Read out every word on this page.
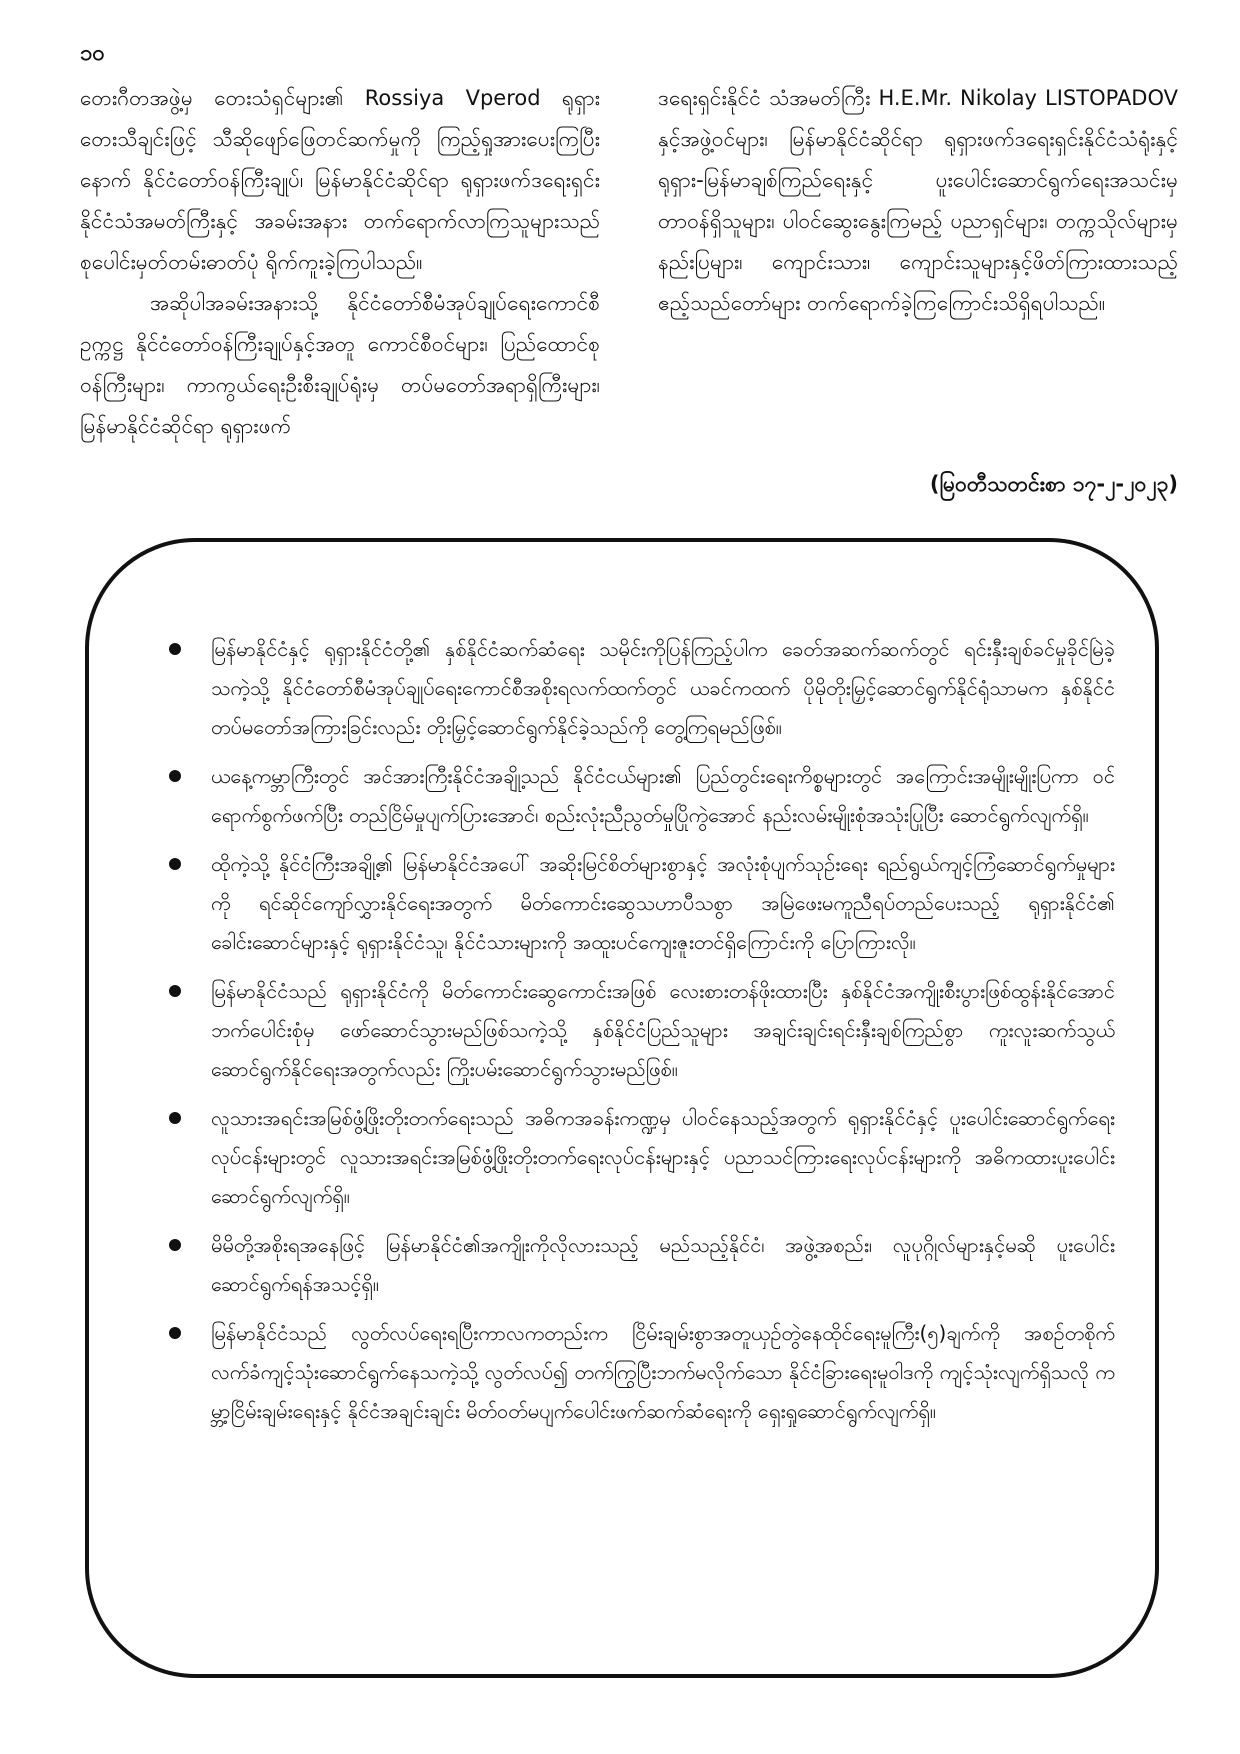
၁၀

တေးဂီတအဖွဲ့မှ တေးသံရှင်များ၏ Rossiya Vperod ရုရှားတေးသီချင်းဖြင့် သီဆိုဖျော်ဖြေတင်ဆက်မှုကို ကြည့်ရှုအားပေးကြပြီးနောက် နိုင်ငံတော်ဝန်ကြီးချုပ်၊ မြန်မာနိုင်ငံဆိုင်ရာ ရုရှားဖက်ဒရေးရှင်းနိုင်ငံသံအမတ်ကြီးနှင့် အခမ်းအနား တက်ရောက်လာကြသူများသည် စုပေါင်းမှတ်တမ်းဓာတ်ပုံ ရိုက်ကူးခဲ့ကြပါသည်။

အဆိုပါအခမ်းအနားသို့ နိုင်ငံတော်စီမံအုပ်ချုပ်ရေးကောင်စီဥက္ကဋ္ဌ နိုင်ငံတော်ဝန်ကြီးချုပ်နှင့်အတူ ကောင်စီဝင်များ၊ ပြည်ထောင်စုဝန်ကြီးများ၊ ကာကွယ်ရေးဦးစီးချုပ်ရုံးမှ တပ်မတော်အရာရှိကြီးများ၊ မြန်မာနိုင်ငံဆိုင်ရာ ရုရှားဖက်

ဒရေးရှင်းနိုင်ငံ သံအမတ်ကြီး H.E.Mr. Nikolay LISTOPADOV နှင့်အဖွဲ့ဝင်များ၊ မြန်မာနိုင်ငံဆိုင်ရာ ရုရှားဖက်ဒရေးရှင်းနိုင်ငံသံရုံးနှင့် ရုရှား-မြန်မာချစ်ကြည်ရေးနှင့် ပူးပေါင်းဆောင်ရွက်ရေးအသင်းမှ တာဝန်ရှိသူများ၊ ပါဝင်ဆွေးနွေးကြမည့် ပညာရှင်များ၊ တက္ကသိုလ်များမှ နည်းပြများ၊ ကျောင်းသား၊ ကျောင်းသူများနှင့်ဖိတ်ကြားထားသည့် ဧည့်သည်တော်များ တက်ရောက်ခဲ့ကြကြောင်းသိရှိရပါသည်။

(မြဝတီသတင်းစာ ၁၇-၂-၂၀၂၃)
မြန်မာနိုင်ငံနှင့် ရုရှားနိုင်ငံတို့၏ နှစ်နိုင်ငံဆက်ဆံရေး သမိုင်းကိုပြန်ကြည့်ပါက ခေတ်အဆက်ဆက်တွင် ရင်းနှီးချစ်ခင်မှုခိုင်မြဲခဲ့သကဲ့သို့ နိုင်ငံတော်စီမံအုပ်ချုပ်ရေးကောင်စီအစိုးရလက်ထက်တွင် ယခင်ကထက် ပိုမိုတိုးမြှင့်ဆောင်ရွက်နိုင်ရုံသာမက နှစ်နိုင်ငံတပ်မတော်အကြားခြင်းလည်း တိုးမြှင့်ဆောင်ရွက်နိုင်ခဲ့သည်ကို တွေ့ကြရမည်ဖြစ်။
ယနေ့ကမ္ဘာကြီးတွင် အင်အားကြီးနိုင်ငံအချို့သည် နိုင်ငံငယ်များ၏ ပြည်တွင်းရေးကိစ္စများတွင် အကြောင်းအမျိုးမျိုးပြကာ ဝင်ရောက်စွက်ဖက်ပြီး တည်ငြိမ်မှုပျက်ပြားအောင်၊ စည်းလုံးညီညွတ်မှုပြိုကွဲအောင် နည်းလမ်းမျိုးစုံအသုံးပြုပြီး ဆောင်ရွက်လျက်ရှိ။
ထိုကဲ့သို့ နိုင်ငံကြီးအချို့၏ မြန်မာနိုင်ငံအပေါ် အဆိုးမြင်စိတ်များစွာနှင့် အလုံးစုံပျက်သုဉ်းရေး ရည်ရွယ်ကျင့်ကြံဆောင်ရွက်မှုများကို ရင်ဆိုင်ကျော်လွှားနိုင်ရေးအတွက် မိတ်ကောင်းဆွေသဟာပီသစွာ အမြဲဖေးမကူညီရပ်တည်ပေးသည့် ရုရှားနိုင်ငံ၏ ခေါင်းဆောင်များနှင့် ရုရှားနိုင်ငံသူ၊ နိုင်ငံသားများကို အထူးပင်ကျေးဇူးတင်ရှိကြောင်းကို ပြောကြားလို။
မြန်မာနိုင်ငံသည် ရုရှားနိုင်ငံကို မိတ်ကောင်းဆွေကောင်းအဖြစ် လေးစားတန်ဖိုးထားပြီး နှစ်နိုင်ငံအကျိုးစီးပွားဖြစ်ထွန်းနိုင်အောင် ဘက်ပေါင်းစုံမှ ဖော်ဆောင်သွားမည်ဖြစ်သကဲ့သို့ နှစ်နိုင်ငံပြည်သူများ အချင်းချင်းရင်းနှီးချစ်ကြည်စွာ ကူးလူးဆက်သွယ်ဆောင်ရွက်နိုင်ရေးအတွက်လည်း ကြိုးပမ်းဆောင်ရွက်သွားမည်ဖြစ်။
လူသားအရင်းအမြစ်ဖွံ့ဖြိုးတိုးတက်ရေးသည် အဓိကအခန်းကဏ္ဍမှ ပါဝင်နေသည့်အတွက် ရုရှားနိုင်ငံနှင့် ပူးပေါင်းဆောင်ရွက်ရေးလုပ်ငန်းများတွင် လူသားအရင်းအမြစ်ဖွံ့ဖြိုးတိုးတက်ရေးလုပ်ငန်းများနှင့် ပညာသင်ကြားရေးလုပ်ငန်းများကို အဓိကထားပူးပေါင်းဆောင်ရွက်လျက်ရှိ။
မိမိတို့အစိုးရအနေဖြင့် မြန်မာနိုင်ငံ၏အကျိုးကိုလိုလားသည့် မည်သည့်နိုင်ငံ၊ အဖွဲ့အစည်း၊ လူပုဂ္ဂိုလ်များနှင့်မဆို ပူးပေါင်းဆောင်ရွက်ရန်အသင့်ရှိ။
မြန်မာနိုင်ငံသည် လွတ်လပ်ရေးရပြီးကာလကတည်းက ငြိမ်းချမ်းစွာအတူယှဉ်တွဲနေထိုင်ရေးမူကြီး(၅)ချက်ကို အစဉ်တစိုက် လက်ခံကျင့်သုံးဆောင်ရွက်နေသကဲ့သို့ လွတ်လပ်၍ တက်ကြွပြီးဘက်မလိုက်သော နိုင်ငံခြားရေးမူဝါဒကို ကျင့်သုံးလျက်ရှိသလို ကမ္ဘာ့ငြိမ်းချမ်းရေးနှင့် နိုင်ငံအချင်းချင်း မိတ်ဝတ်မပျက်ပေါင်းဖက်ဆက်ဆံရေးကို ရှေးရှုဆောင်ရွက်လျက်ရှိ။
